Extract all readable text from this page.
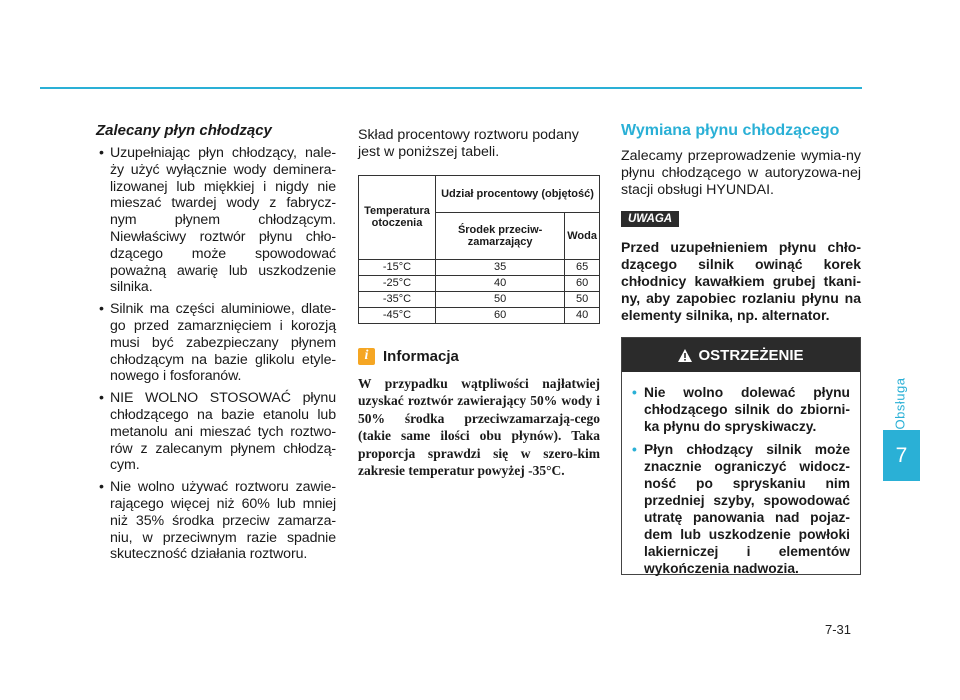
Zalecany płyn chłodzący
• Uzupełniając płyn chłodzący, nale-ży użyć wyłącznie wody deminera-lizowanej lub miękkiej i nigdy nie mieszać twardej wody z fabrycz-nym płynem chłodzącym. Niewłaściwy roztwór płynu chło-dzącego może spowodować poważną awarię lub uszkodzenie silnika.
• Silnik ma części aluminiowe, dlate-go przed zamarznięciem i korozją musi być zabezpieczany płynem chłodzącym na bazie glikolu etyle-nowego i fosforanów.
• NIE WOLNO STOSOWAĆ płynu chłodzącego na bazie etanolu lub metanolu ani mieszać tych roztwo-rów z zalecanym płynem chłodzą-cym.
• Nie wolno używać roztworu zawie-rającego więcej niż 60% lub mniej niż 35% środka przeciw zamarza-niu, w przeciwnym razie spadnie skuteczność działania roztworu.

Skład procentowy roztworu podany jest w poniższej tabeli.

Temperatura otoczenia	Udział procentowy (objętość)	
	Środek przeciw-zamarzający	Woda
-15°C	35	65
-25°C	40	60
-35°C	50	50
-45°C	60	40
i Informacja
W przypadku wątpliwości najłatwiej uzyskać roztwór zawierający 50% wody i 50% środka przeciwzamarzają-cego (takie same ilości obu płynów). Taka proporcja sprawdzi się w szero-kim zakresie temperatur powyżej -35°C.
Wymiana płynu chłodzącego

Zalecamy przeprowadzenie wymia-ny płynu chłodzącego w autoryzowa-nej stacji obsługi HYUNDAI.

UWAGA

Przed uzupełnieniem płynu chło-dzącego silnik owinąć korek chłodnicy kawałkiem grubej tkani-ny, aby zapobiec rozlaniu płynu na elementy silnika, np. alternator.

OSTRZEŻENIE
• Nie wolno dolewać płynu chłodzącego silnik do zbiorni-ka płynu do spryskiwaczy.
• Płyn chłodzący silnik może znacznie ograniczyć widocz-ność po spryskaniu nim przedniej szyby, spowodować utratę panowania nad pojaz-dem lub uszkodzenie powłoki lakierniczej i elementów wykończenia nadwozia.
Obsługa
7
7-31
